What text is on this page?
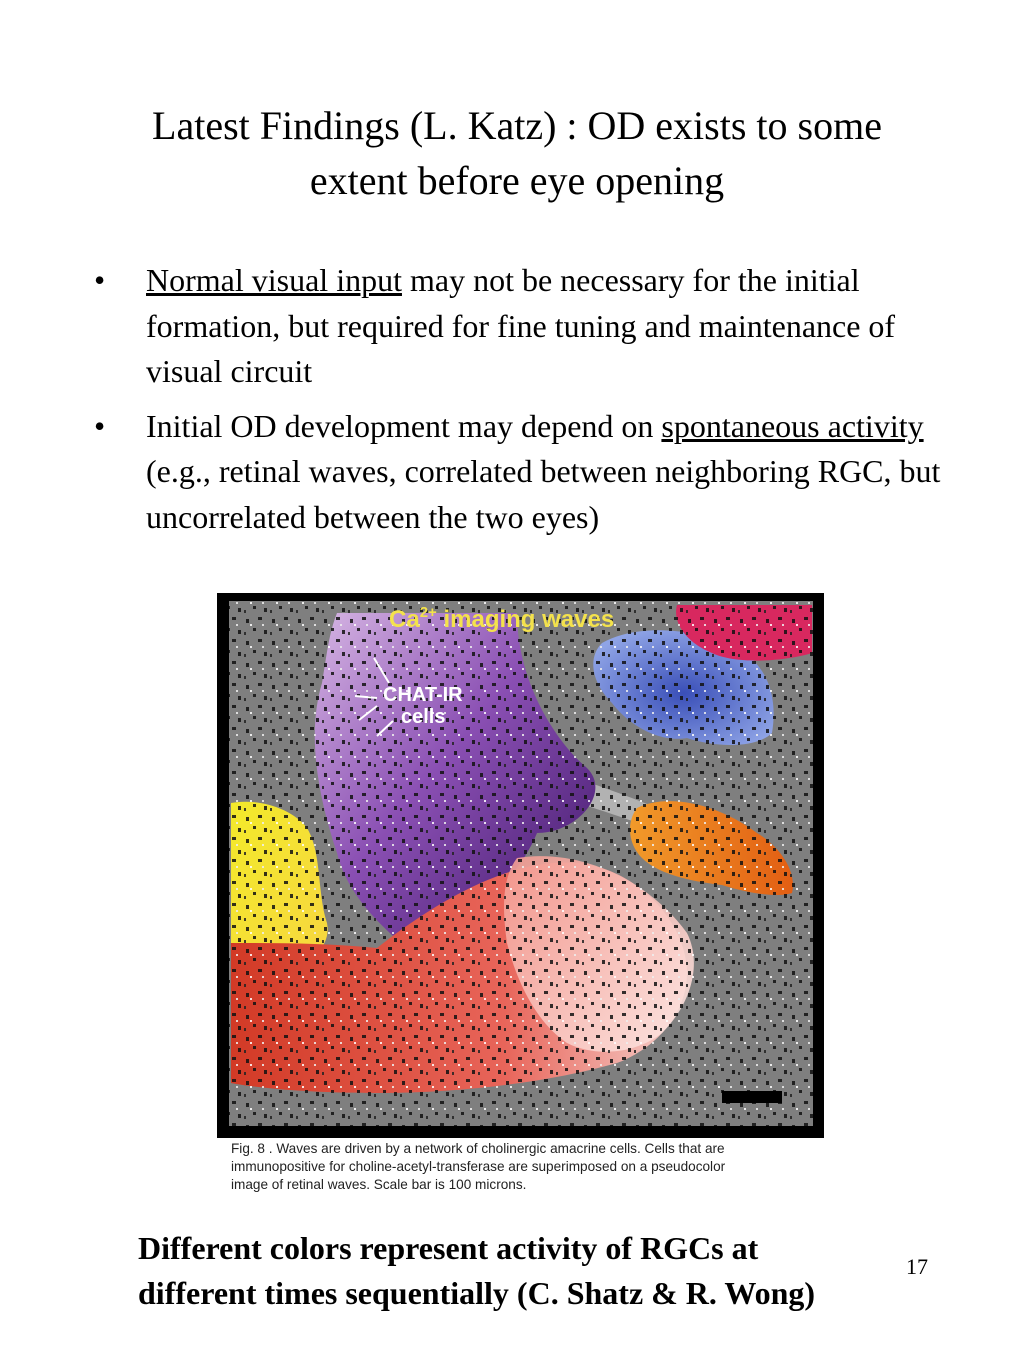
Latest Findings (L. Katz) : OD exists to some
extent before eye opening
• Normal visual input may not be necessary for the initial formation, but required for fine tuning and maintenance of visual circuit
• Initial OD development may depend on spontaneous activity (e.g., retinal waves, correlated between neighboring RGC, but uncorrelated between the two eyes)
$Ca^{2+}$ imaging waves
CHAT-IR
cells
Fig. 8 . Waves are driven by a network of cholinergic amacrine cells. Cells that are
immunopositive for choline-acetyl-transferase are superimposed on a pseudocolor
image of retinal waves. Scale bar is 100 microns.
Different colors represent activity of RGCs at
different times sequentially (C. Shatz & R. Wong)
17
